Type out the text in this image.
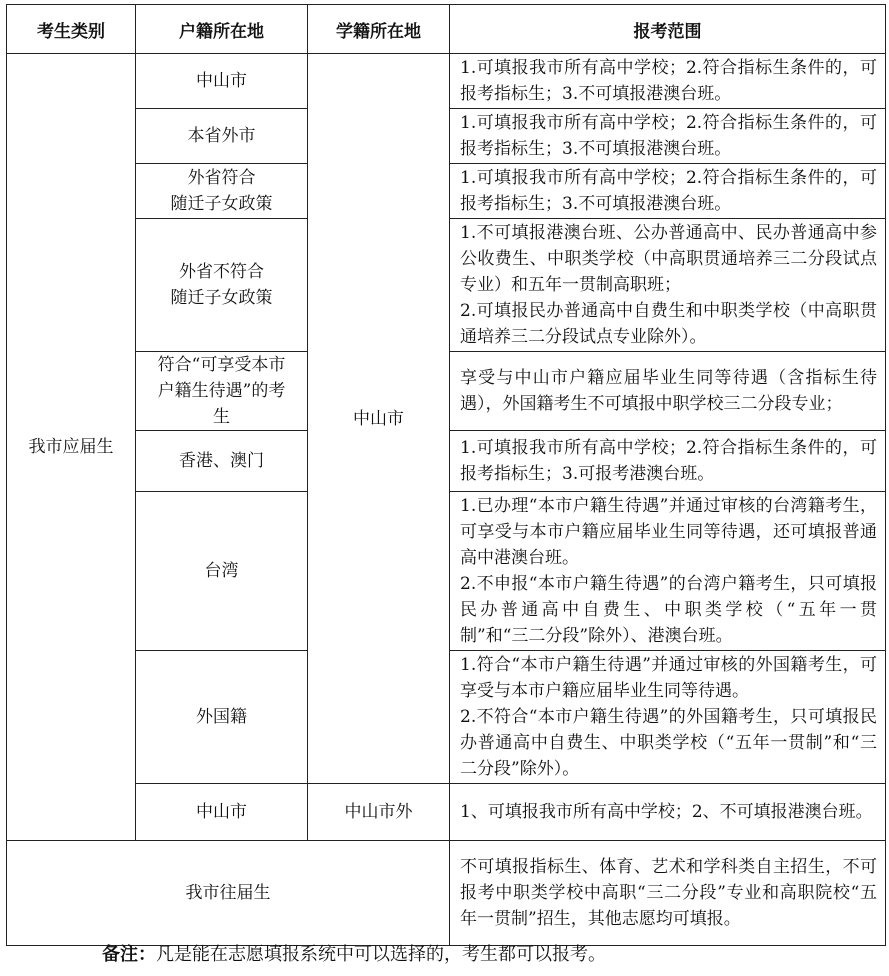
考生类别	户籍所在地	学籍所在地	报考范围
我市应届生	中山市	中山市	1.可填报我市所有高中学校；2.符合指标生条件的，可报考指标生；3.不可填报港澳台班。

	本省外市		1.可填报我市所有高中学校；2.符合指标生条件的，可报考指标生；3.不可填报港澳台班。

	外省符合
随迁子女政策		1.可填报我市所有高中学校；2.符合指标生条件的，可报考指标生；3.不可填报港澳台班。

	外省不符合
随迁子女政策		1.不可填报港澳台班、公办普通高中、民办普通高中参公收费生、中职类学校（中高职贯通培养三二分段试点专业）和五年一贯制高职班；
2.可填报民办普通高中自费生和中职类学校（中高职贯通培养三二分段试点专业除外）。

	符合“可享受本市
户籍生待遇”的考
生		享受与中山市户籍应届毕业生同等待遇（含指标生待遇），外国籍考生不可填报中职学校三二分段专业；

	香港、澳门		1.可填报我市所有高中学校；2.符合指标生条件的，可报考指标生；3.可报考港澳台班。

	台湾		1.已办理“本市户籍生待遇”并通过审核的台湾籍考生，可享受与本市户籍应届毕业生同等待遇，还可填报普通高中港澳台班。
2.不申报“本市户籍生待遇”的台湾户籍考生，只可填报民办普通高中自费生、中职类学校（“五年一贯制”和“三二分段”除外）、港澳台班。

	外国籍		1.符合“本市户籍生待遇”并通过审核的外国籍考生，可享受与本市户籍应届毕业生同等待遇。
2.不符合“本市户籍生待遇”的外国籍考生，只可填报民办普通高中自费生、中职类学校（“五年一贯制”和“三二分段”除外）。

	中山市	中山市外	1、可填报我市所有高中学校；2、不可填报港澳台班。

我市往届生			不可填报指标生、体育、艺术和学科类自主招生，不可报考中职类学校中高职“三二分段”专业和高职院校“五年一贯制”招生，其他志愿均可填报。
备注：凡是能在志愿填报系统中可以选择的，考生都可以报考。
